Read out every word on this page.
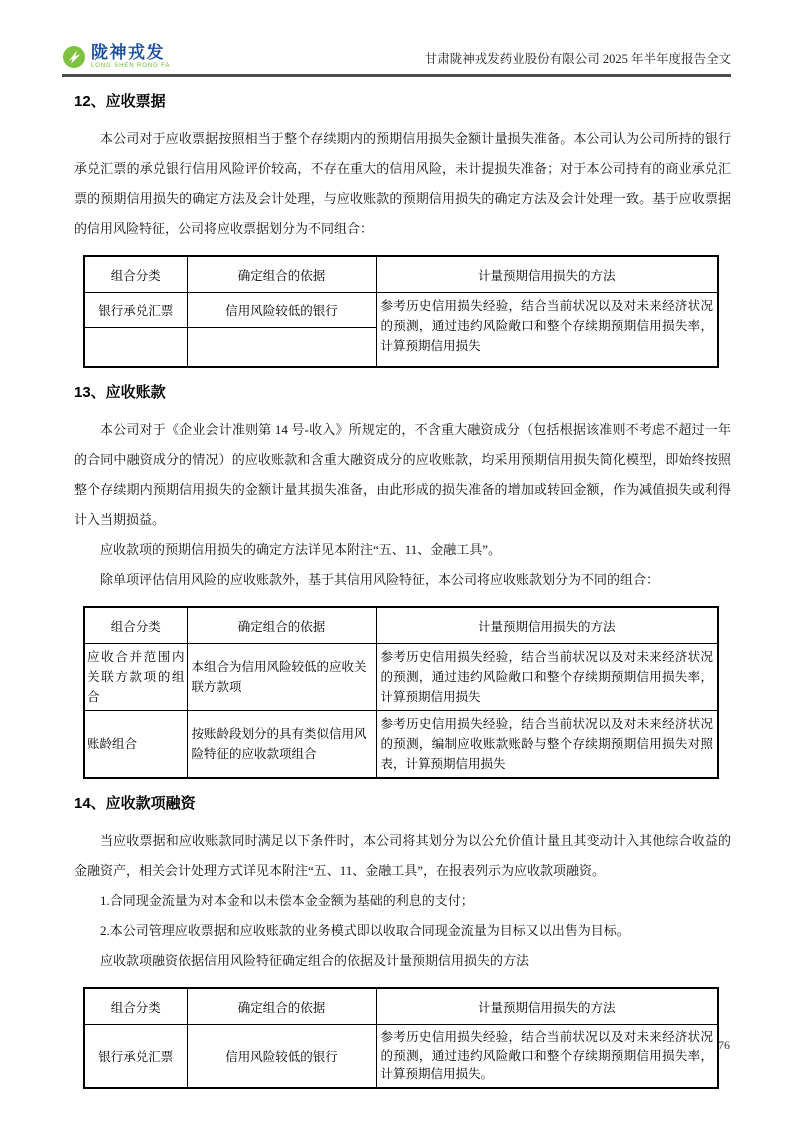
陇神戎发
LONG SHEN RONG FA	甘肃陇神戎发药业股份有限公司 2025 年半年度报告全文
12、应收票据

本公司对于应收票据按照相当于整个存续期内的预期信用损失金额计量损失准备。本公司认为公司所持的银行承兑汇票的承兑银行信用风险评价较高，不存在重大的信用风险，未计提损失准备；对于本公司持有的商业承兑汇票的预期信用损失的确定方法及会计处理，与应收账款的预期信用损失的确定方法及会计处理一致。基于应收票据的信用风险特征，公司将应收票据划分为不同组合：

组合分类	确定组合的依据	计量预期信用损失的方法
银行承兑汇票	信用风险较低的银行	参考历史信用损失经验，结合当前状况以及对未来经济状况的预测，通过违约风险敞口和整个存续期预期信用损失率，计算预期信用损失

13、应收账款

本公司对于《企业会计准则第 14 号-收入》所规定的，不含重大融资成分（包括根据该准则不考虑不超过一年的合同中融资成分的情况）的应收账款和含重大融资成分的应收账款，均采用预期信用损失简化模型，即始终按照整个存续期内预期信用损失的金额计量其损失准备，由此形成的损失准备的增加或转回金额，作为减值损失或利得计入当期损益。

应收款项的预期信用损失的确定方法详见本附注“五、11、金融工具”。

除单项评估信用风险的应收账款外，基于其信用风险特征，本公司将应收账款划分为不同的组合：

组合分类	确定组合的依据	计量预期信用损失的方法
应收合并范围内关联方款项的组合	本组合为信用风险较低的应收关联方款项	参考历史信用损失经验，结合当前状况以及对未来经济状况的预测，通过违约风险敞口和整个存续期预期信用损失率，计算预期信用损失
账龄组合	按账龄段划分的具有类似信用风险特征的应收款项组合	参考历史信用损失经验，结合当前状况以及对未来经济状况的预测，编制应收账款账龄与整个存续期预期信用损失对照表，计算预期信用损失
14、应收款项融资

当应收票据和应收账款同时满足以下条件时，本公司将其划分为以公允价值计量且其变动计入其他综合收益的金融资产，相关会计处理方式详见本附注“五、11、金融工具”，在报表列示为应收款项融资。

1.合同现金流量为对本金和以未偿本金金额为基础的利息的支付；

2.本公司管理应收票据和应收账款的业务模式即以收取合同现金流量为目标又以出售为目标。

应收款项融资依据信用风险特征确定组合的依据及计量预期信用损失的方法

组合分类	确定组合的依据	计量预期信用损失的方法
银行承兑汇票	信用风险较低的银行	参考历史信用损失经验，结合当前状况以及对未来经济状况的预测，通过违约风险敞口和整个存续期预期信用损失率，计算预期信用损失。
76
